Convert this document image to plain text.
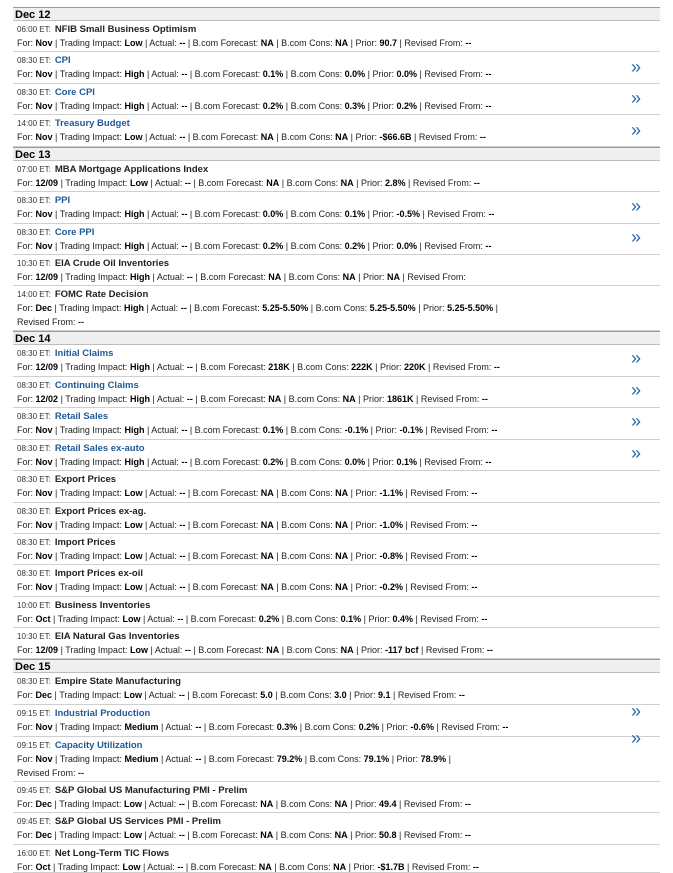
Dec 12
06:00 ET: NFIB Small Business Optimism
For: Nov | Trading Impact: Low | Actual: -- | B.com Forecast: NA | B.com Cons: NA | Prior: 90.7 | Revised From: --
08:30 ET: CPI
For: Nov | Trading Impact: High | Actual: -- | B.com Forecast: 0.1% | B.com Cons: 0.0% | Prior: 0.0% | Revised From: --	»
08:30 ET: Core CPI
For: Nov | Trading Impact: High | Actual: -- | B.com Forecast: 0.2% | B.com Cons: 0.3% | Prior: 0.2% | Revised From: --	»
14:00 ET: Treasury Budget
For: Nov | Trading Impact: Low | Actual: -- | B.com Forecast: NA | B.com Cons: NA | Prior: -$66.6B | Revised From: --	»
Dec 13
07:00 ET: MBA Mortgage Applications Index
For: 12/09 | Trading Impact: Low | Actual: -- | B.com Forecast: NA | B.com Cons: NA | Prior: 2.8% | Revised From: --
08:30 ET: PPI
For: Nov | Trading Impact: High | Actual: -- | B.com Forecast: 0.0% | B.com Cons: 0.1% | Prior: -0.5% | Revised From: --	»
08:30 ET: Core PPI
For: Nov | Trading Impact: High | Actual: -- | B.com Forecast: 0.2% | B.com Cons: 0.2% | Prior: 0.0% | Revised From: --	»
10:30 ET: EIA Crude Oil Inventories
For: 12/09 | Trading Impact: High | Actual: -- | B.com Forecast: NA | B.com Cons: NA | Prior: NA | Revised From:
14:00 ET: FOMC Rate Decision
For: Dec | Trading Impact: High | Actual: -- | B.com Forecast: 5.25-5.50% | B.com Cons: 5.25-5.50% | Prior: 5.25-5.50% |
Revised From: --
Dec 14
08:30 ET: Initial Claims
For: 12/09 | Trading Impact: High | Actual: -- | B.com Forecast: 218K | B.com Cons: 222K | Prior: 220K | Revised From: --	»
08:30 ET: Continuing Claims
For: 12/02 | Trading Impact: High | Actual: -- | B.com Forecast: NA | B.com Cons: NA | Prior: 1861K | Revised From: --	»
08:30 ET: Retail Sales
For: Nov | Trading Impact: High | Actual: -- | B.com Forecast: 0.1% | B.com Cons: -0.1% | Prior: -0.1% | Revised From: --	»
08:30 ET: Retail Sales ex-auto
For: Nov | Trading Impact: High | Actual: -- | B.com Forecast: 0.2% | B.com Cons: 0.0% | Prior: 0.1% | Revised From: --	»
08:30 ET: Export Prices
For: Nov | Trading Impact: Low | Actual: -- | B.com Forecast: NA | B.com Cons: NA | Prior: -1.1% | Revised From: --
08:30 ET: Export Prices ex-ag.
For: Nov | Trading Impact: Low | Actual: -- | B.com Forecast: NA | B.com Cons: NA | Prior: -1.0% | Revised From: --
08:30 ET: Import Prices
For: Nov | Trading Impact: Low | Actual: -- | B.com Forecast: NA | B.com Cons: NA | Prior: -0.8% | Revised From: --
08:30 ET: Import Prices ex-oil
For: Nov | Trading Impact: Low | Actual: -- | B.com Forecast: NA | B.com Cons: NA | Prior: -0.2% | Revised From: --
10:00 ET: Business Inventories
For: Oct | Trading Impact: Low | Actual: -- | B.com Forecast: 0.2% | B.com Cons: 0.1% | Prior: 0.4% | Revised From: --
10:30 ET: EIA Natural Gas Inventories
For: 12/09 | Trading Impact: Low | Actual: -- | B.com Forecast: NA | B.com Cons: NA | Prior: -117 bcf | Revised From: --
Dec 15
08:30 ET: Empire State Manufacturing
For: Dec | Trading Impact: Low | Actual: -- | B.com Forecast: 5.0 | B.com Cons: 3.0 | Prior: 9.1 | Revised From: --
09:15 ET: Industrial Production
For: Nov | Trading Impact: Medium | Actual: -- | B.com Forecast: 0.3% | B.com Cons: 0.2% | Prior: -0.6% | Revised From: --
»
»
09:15 ET: Capacity Utilization
For: Nov | Trading Impact: Medium | Actual: -- | B.com Forecast: 79.2% | B.com Cons: 79.1% | Prior: 78.9% |
Revised From: --
09:45 ET: S&P Global US Manufacturing PMI - Prelim
For: Dec | Trading Impact: Low | Actual: -- | B.com Forecast: NA | B.com Cons: NA | Prior: 49.4 | Revised From: --
09:45 ET: S&P Global US Services PMI - Prelim
For: Dec | Trading Impact: Low | Actual: -- | B.com Forecast: NA | B.com Cons: NA | Prior: 50.8 | Revised From: --
16:00 ET: Net Long-Term TIC Flows
For: Oct | Trading Impact: Low | Actual: -- | B.com Forecast: NA | B.com Cons: NA | Prior: -$1.7B | Revised From: --
